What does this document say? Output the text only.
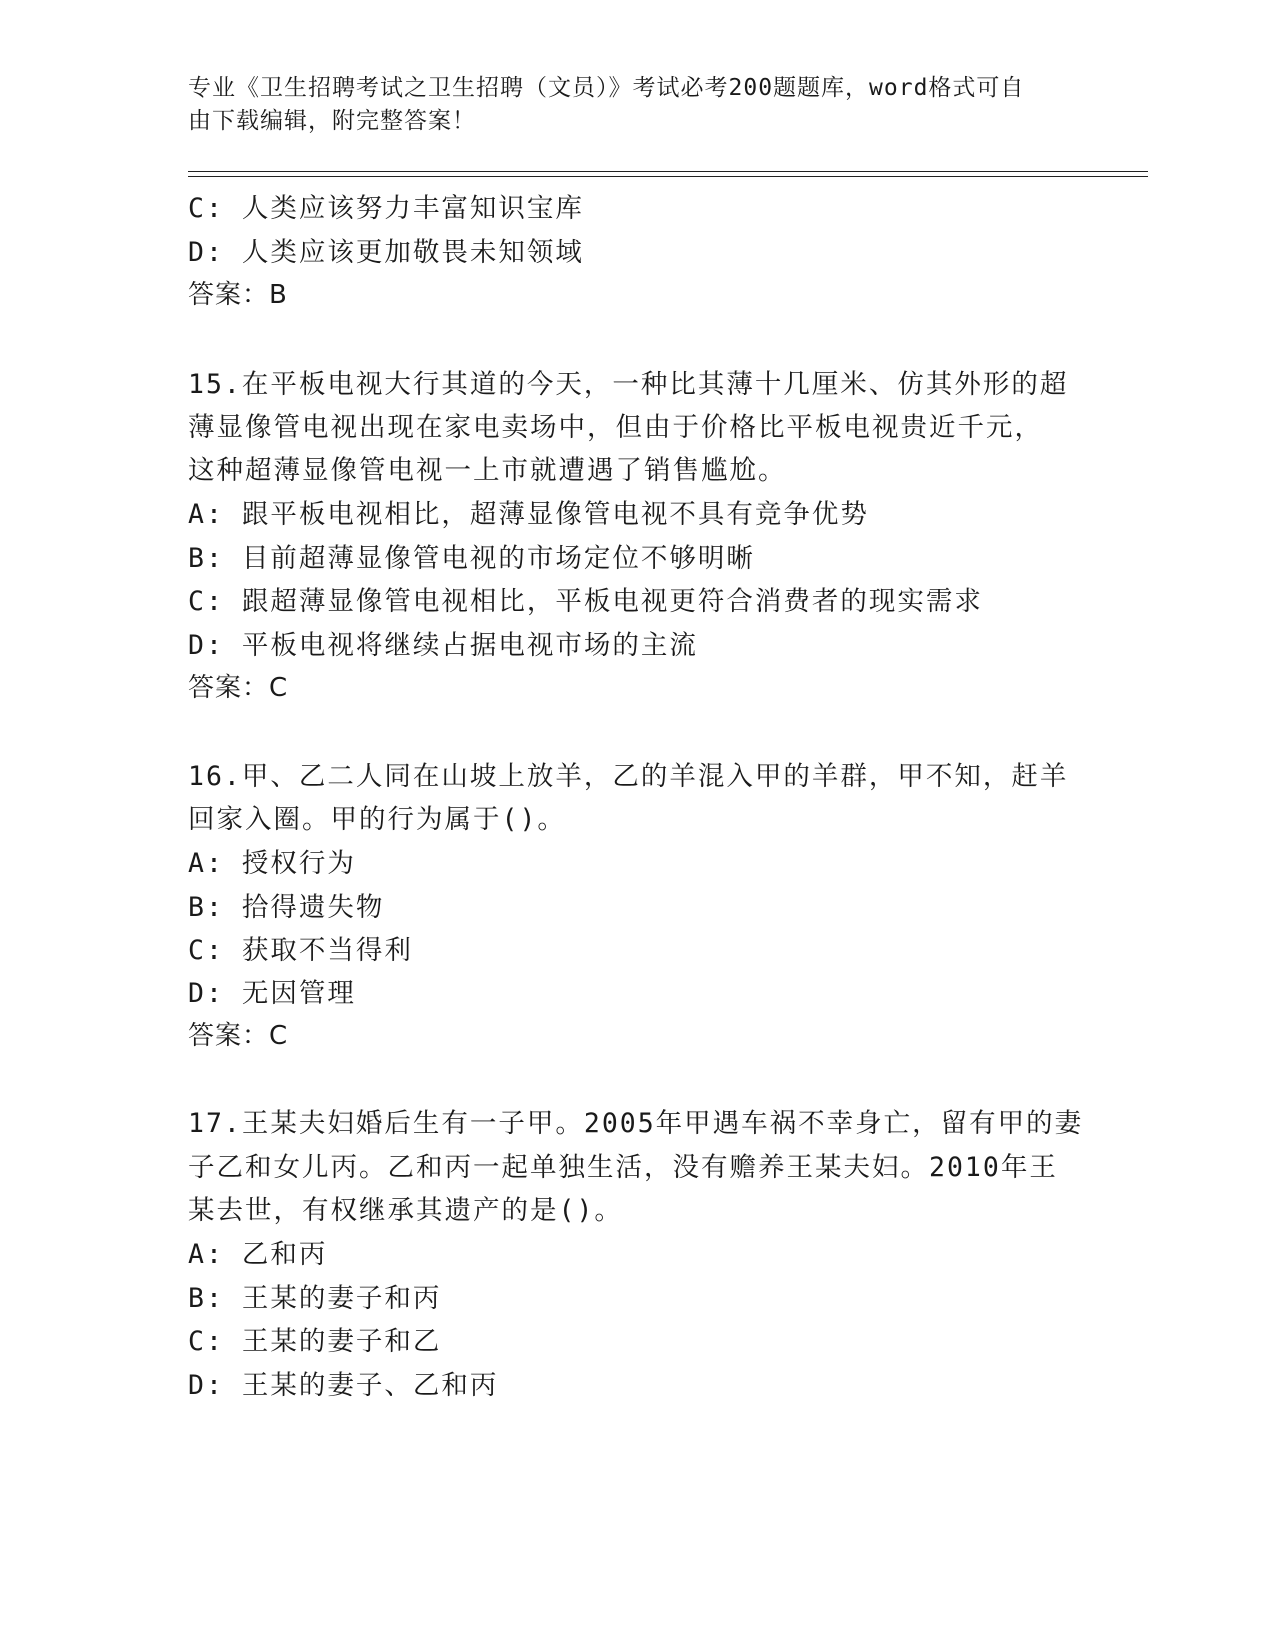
专业《卫生招聘考试之卫生招聘（文员）》考试必考200题题库，word格式可自
由下载编辑，附完整答案！
C: 人类应该努力丰富知识宝库
D: 人类应该更加敬畏未知领域
答案：B
15.在平板电视大行其道的今天，一种比其薄十几厘米、仿其外形的超
薄显像管电视出现在家电卖场中，但由于价格比平板电视贵近千元，
这种超薄显像管电视一上市就遭遇了销售尴尬。
A: 跟平板电视相比，超薄显像管电视不具有竞争优势
B: 目前超薄显像管电视的市场定位不够明晰
C: 跟超薄显像管电视相比，平板电视更符合消费者的现实需求
D: 平板电视将继续占据电视市场的主流
答案：C
16.甲、乙二人同在山坡上放羊，乙的羊混入甲的羊群，甲不知，赶羊
回家入圈。甲的行为属于()。
A: 授权行为
B: 拾得遗失物
C: 获取不当得利
D: 无因管理
答案：C
17.王某夫妇婚后生有一子甲。2005年甲遇车祸不幸身亡，留有甲的妻
子乙和女儿丙。乙和丙一起单独生活，没有赡养王某夫妇。2010年王
某去世，有权继承其遗产的是()。
A: 乙和丙
B: 王某的妻子和丙
C: 王某的妻子和乙
D: 王某的妻子、乙和丙
